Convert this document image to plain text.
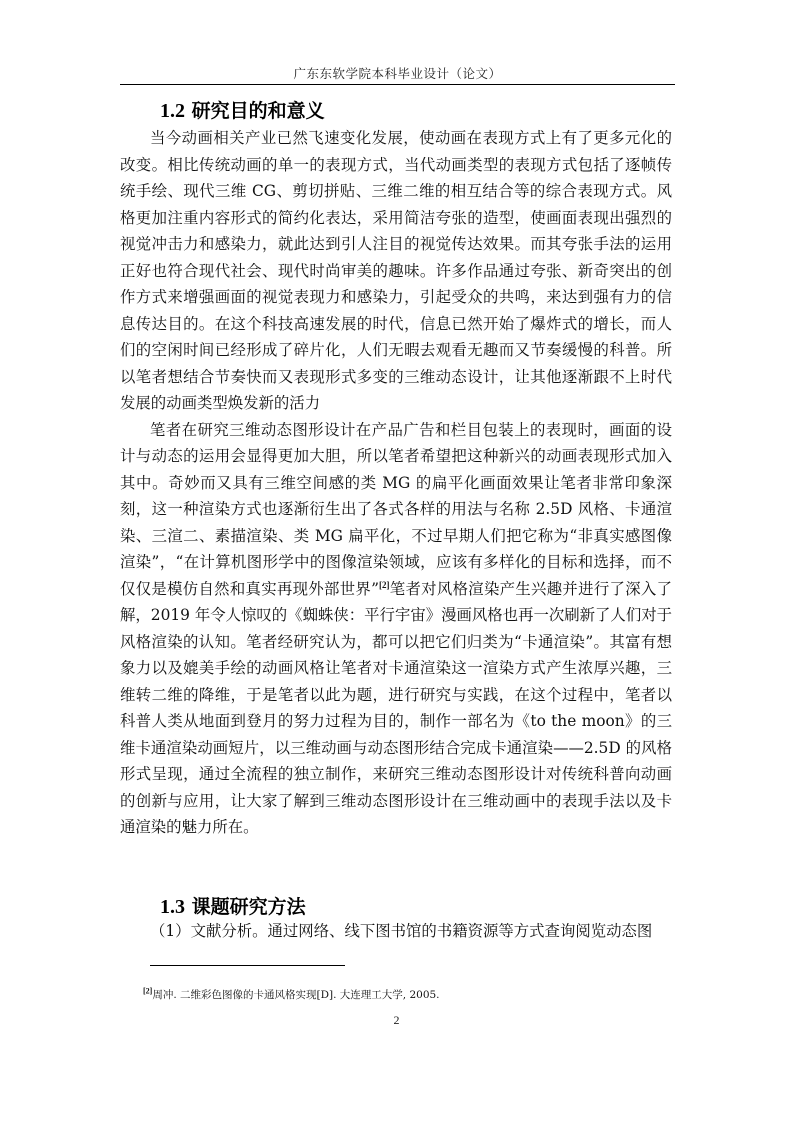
广东东软学院本科毕业设计（论文）
1.2 研究目的和意义

当今动画相关产业已然飞速变化发展，使动画在表现方式上有了更多元化的改变。相比传统动画的单一的表现方式，当代动画类型的表现方式包括了逐帧传统手绘、现代三维 CG、剪切拼贴、三维二维的相互结合等的综合表现方式。风格更加注重内容形式的简约化表达，采用简洁夸张的造型，使画面表现出强烈的视觉冲击力和感染力，就此达到引人注目的视觉传达效果。而其夸张手法的运用正好也符合现代社会、现代时尚审美的趣味。许多作品通过夸张、新奇突出的创作方式来增强画面的视觉表现力和感染力，引起受众的共鸣，来达到强有力的信息传达目的。在这个科技高速发展的时代，信息已然开始了爆炸式的增长，而人们的空闲时间已经形成了碎片化，人们无暇去观看无趣而又节奏缓慢的科普。所以笔者想结合节奏快而又表现形式多变的三维动态设计，让其他逐渐跟不上时代发展的动画类型焕发新的活力

笔者在研究三维动态图形设计在产品广告和栏目包装上的表现时，画面的设计与动态的运用会显得更加大胆，所以笔者希望把这种新兴的动画表现形式加入其中。奇妙而又具有三维空间感的类 MG 的扁平化画面效果让笔者非常印象深刻，这一种渲染方式也逐渐衍生出了各式各样的用法与名称 2.5D 风格、卡通渲染、三渲二、素描渲染、类 MG 扁平化，不过早期人们把它称为“非真实感图像渲染”，“在计算机图形学中的图像渲染领域，应该有多样化的目标和选择，而不仅仅是模仿自然和真实再现外部世界”[2]笔者对风格渲染产生兴趣并进行了深入了解，2019 年令人惊叹的《蜘蛛侠：平行宇宙》漫画风格也再一次刷新了人们对于风格渲染的认知。笔者经研究认为，都可以把它们归类为“卡通渲染”。其富有想象力以及媲美手绘的动画风格让笔者对卡通渲染这一渲染方式产生浓厚兴趣，三维转二维的降维，于是笔者以此为题，进行研究与实践，在这个过程中，笔者以科普人类从地面到登月的努力过程为目的，制作一部名为《to the moon》的三维卡通渲染动画短片，以三维动画与动态图形结合完成卡通渲染——2.5D 的风格形式呈现，通过全流程的独立制作，来研究三维动态图形设计对传统科普向动画的创新与应用，让大家了解到三维动态图形设计在三维动画中的表现手法以及卡通渲染的魅力所在。

1.3 课题研究方法

（1）文献分析。通过网络、线下图书馆的书籍资源等方式查询阅览动态图

[2]周冲. 二维彩色图像的卡通风格实现[D]. 大连理工大学, 2005.
2
